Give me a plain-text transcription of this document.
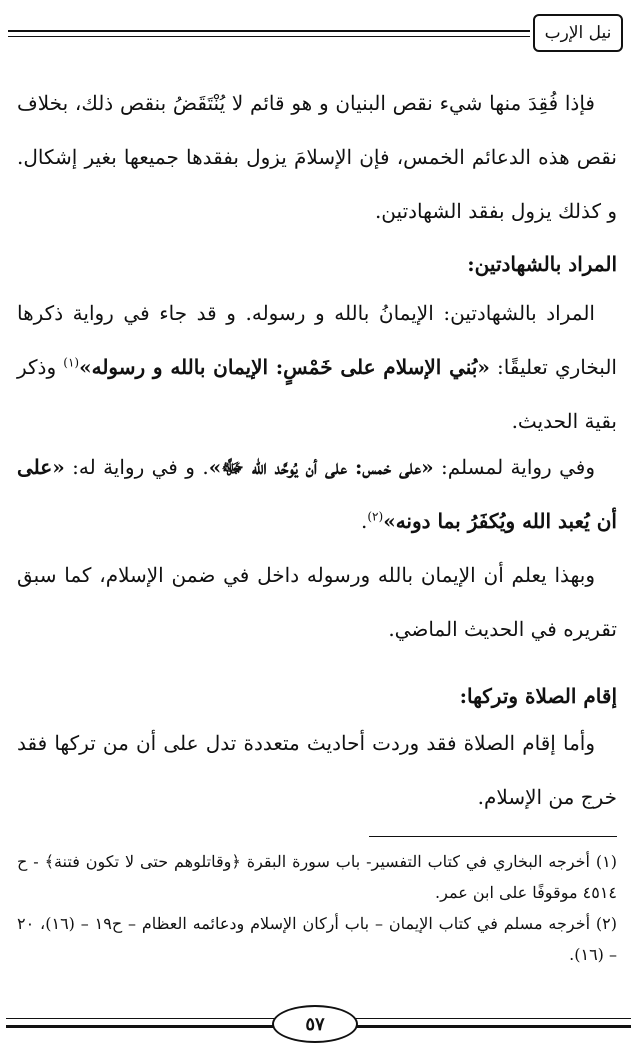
نيل الإرب

فإذا فُقِدَ منها شيء نقص البنيان و هو قائم لا يُنْتَقَضُ بنقص ذلك، بخلاف نقص هذه الدعائم الخمس، فإن الإسلامَ يزول بفقدها جميعها بغير إشكال. و كذلك يزول بفقد الشهادتين.

المراد بالشهادتين:

المراد بالشهادتين: الإيمانُ بالله و رسوله. و قد جاء في رواية ذكرها البخاري تعليقًا: «بُني الإسلام على خَمْسٍ: الإيمان بالله و رسوله»$^{(١)}$ وذكر بقية الحديث.

وفي رواية لمسلم: «على خمس: على أن يُوحَّد الله ﷻ». و في رواية له: «على أن يُعبد الله ويُكفَرُ بما دونه»$^{(٢)}$.

وبهذا يعلم أن الإيمان بالله ورسوله داخل في ضمن الإسلام، كما سبق تقريره في الحديث الماضي.

إقام الصلاة وتركها:

وأما إقام الصلاة فقد وردت أحاديث متعددة تدل على أن من تركها فقد خرج من الإسلام.

(١) أخرجه البخاري في كتاب التفسير- باب سورة البقرة ﴿وقاتلوهم حتى لا تكون فتنة﴾ - ح ٤٥١٤ موقوفًا على ابن عمر.

(٢) أخرجه مسلم في كتاب الإيمان – باب أركان الإسلام ودعائمه العظام – ح١٩ – (١٦)، ٢٠ – (١٦).

٥٧
